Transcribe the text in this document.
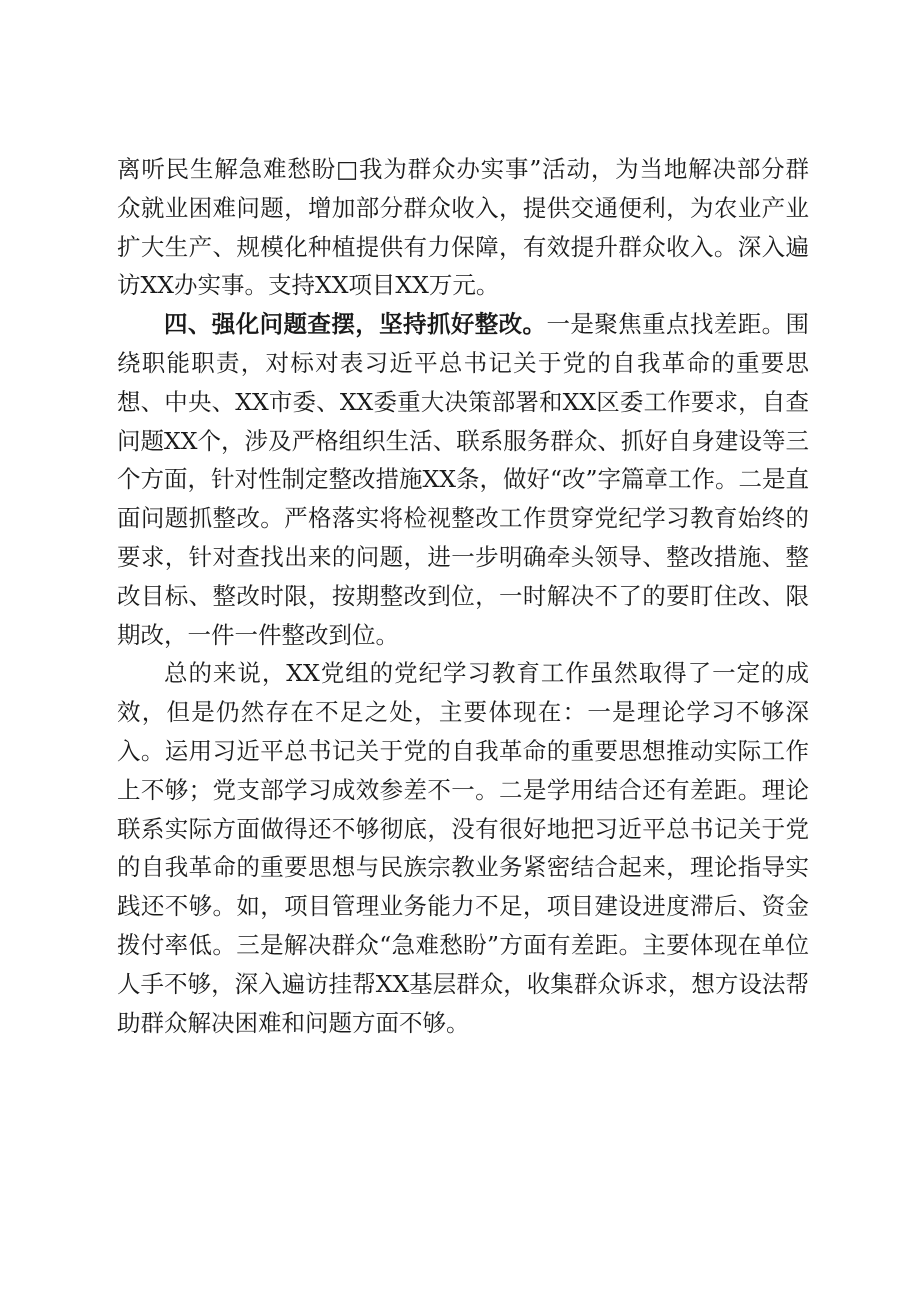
离听民生解急难愁盼□我为群众办实事”活动，为当地解决部分群众就业困难问题，增加部分群众收入，提供交通便利，为农业产业扩大生产、规模化种植提供有力保障，有效提升群众收入。深入遍访XX办实事。支持XX项目XX万元。

四、强化问题查摆，坚持抓好整改。一是聚焦重点找差距。围绕职能职责，对标对表习近平总书记关于党的自我革命的重要思想、中央、XX市委、XX委重大决策部署和XX区委工作要求，自查问题XX个，涉及严格组织生活、联系服务群众、抓好自身建设等三个方面，针对性制定整改措施XX条，做好“改”字篇章工作。二是直面问题抓整改。严格落实将检视整改工作贯穿党纪学习教育始终的要求，针对查找出来的问题，进一步明确牵头领导、整改措施、整改目标、整改时限，按期整改到位，一时解决不了的要盯住改、限期改，一件一件整改到位。

总的来说，XX党组的党纪学习教育工作虽然取得了一定的成效，但是仍然存在不足之处，主要体现在：一是理论学习不够深入。运用习近平总书记关于党的自我革命的重要思想推动实际工作上不够；党支部学习成效参差不一。二是学用结合还有差距。理论联系实际方面做得还不够彻底，没有很好地把习近平总书记关于党的自我革命的重要思想与民族宗教业务紧密结合起来，理论指导实践还不够。如，项目管理业务能力不足，项目建设进度滞后、资金拨付率低。三是解决群众“急难愁盼”方面有差距。主要体现在单位人手不够，深入遍访挂帮XX基层群众，收集群众诉求，想方设法帮助群众解决困难和问题方面不够。
